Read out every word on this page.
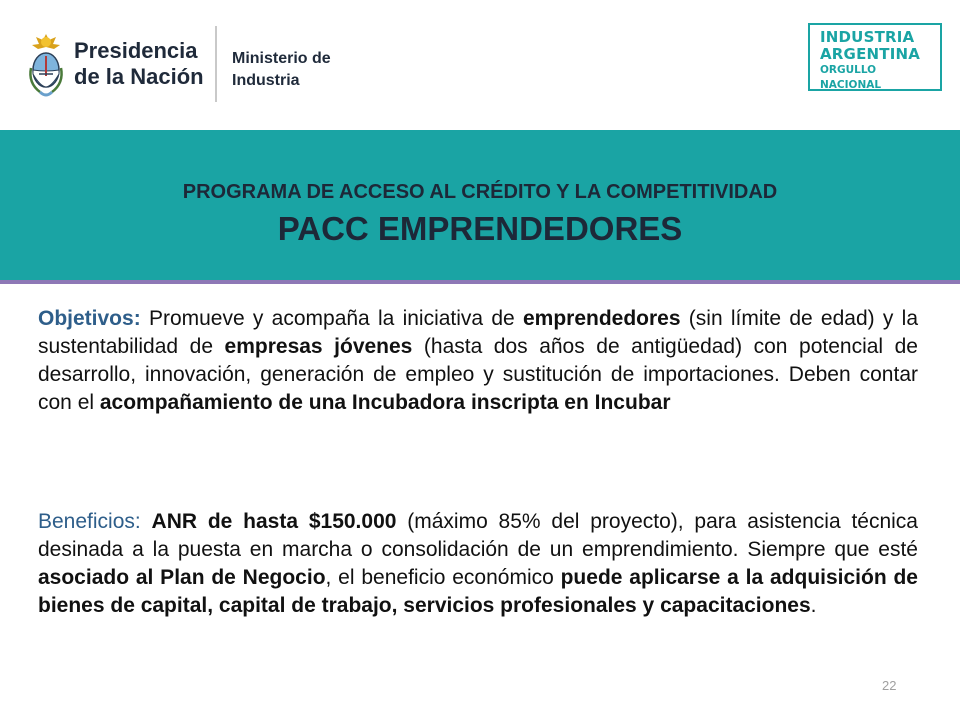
Presidencia
de la Nación
Ministerio de
Industria
INDUSTRIA
ARGENTINA
ORGULLO NACIONAL
PROGRAMA DE ACCESO AL CRÉDITO Y LA COMPETITIVIDAD
PACC EMPRENDEDORES
Objetivos: Promueve y acompaña la iniciativa de emprendedores (sin límite de edad) y la sustentabilidad de empresas jóvenes (hasta dos años de antigüedad) con potencial de desarrollo, innovación, generación de empleo y sustitución de importaciones. Deben contar con el acompañamiento de una Incubadora inscripta en Incubar
Beneficios: ANR de hasta $150.000 (máximo 85% del proyecto), para asistencia técnica desinada a la puesta en marcha o consolidación de un emprendimiento. Siempre que esté asociado al Plan de Negocio, el beneficio económico puede aplicarse a la adquisición de bienes de capital, capital de trabajo, servicios profesionales y capacitaciones.
22
